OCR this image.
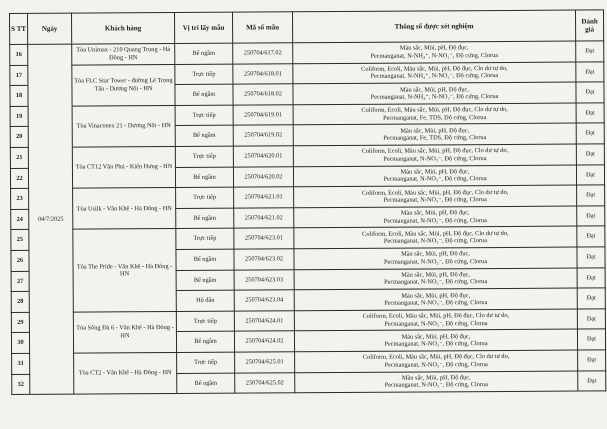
S TT	Ngày	Khách hàng	Vị trí lấy mẫu	Mã số mẫu	Thông số được xét nghiệm	Đánh giá
16	04/7/2025	Tòa Unimax - 210 Quang Trung - Hà Đông - HN	Bể ngầm	250704/617.02	Màu sắc, Mùi, pH, Độ đục,
Pecmanganat, N-NH₄⁺, N-NO₂⁻, Độ cứng, Clorua	Đạt
17		Tòa FLC Star Tower - đường Lê Trọng Tấn - Dương Nội - HN	Trực tiếp	250704/618.01	Coliform, Ecoli, Màu sắc, Mùi, pH, Độ đục, Clo dư tự do,
Pecmanganat, N-NH₄⁺, N-NO₂⁻, Độ cứng, Clorua	Đạt
18			Bể ngầm	250704/618.02	Màu sắc, Mùi, pH, Độ đục,
Pecmanganat, N-NH₄⁺, N-NO₂⁻, Độ cứng, Clorua	Đạt
19		Tòa Vinaconex 21 - Dương Nội - HN	Trực tiếp	250704/619.01	Coliform, Ecoli, Màu sắc, Mùi, pH, Độ đục, Clo dư tự do,
Pecmanganat, Fe, TDS, Độ cứng, Clorua	Đạt
20			Bể ngầm	250704/619.02	Màu sắc, Mùi, pH, Độ đục,
Pecmanganat, Fe, TDS, Độ cứng, Clorua	Đạt
21		Tòa CT12 Văn Phú - Kiến Hưng - HN	Trực tiếp	250704/620.01	Coliform, Ecoli, Màu sắc, Mùi, pH, Độ đục, Clo dư tự do,
Pecmanganat, N-NO₃⁻, Độ cứng, Clorua	Đạt
22			Bể ngầm	250704/620.02	Màu sắc, Mùi, pH, Độ đục,
Pecmanganat, N-NO₃⁻, Độ cứng, Clorua	Đạt
23		Tòa Usilk - Văn Khê - Hà Đông - HN	Trực tiếp	250704/621.01	Coliform, Ecoli, Màu sắc, Mùi, pH, Độ đục, Clo dư tự do,
Pecmanganat, N-NO₃⁻, Độ cứng, Clorua	Đạt
24			Bể ngầm	250704/621.02	Màu sắc, Mùi, pH, Độ đục,
Pecmanganat, N-NO₃⁻, Độ cứng, Clorua	Đạt
25		Tòa The Pride - Văn Khê - Hà Đông - HN	Trực tiếp	250704/623.01	Coliform, Ecoli, Màu sắc, Mùi, pH, Độ đục, Clo dư tự do,
Pecmanganat, N-NO₃⁻, Độ cứng, Clorua	Đạt
26			Bể ngầm	250704/623.02	Màu sắc, Mùi, pH, Độ đục,
Pecmanganat, N-NO₃⁻, Độ cứng, Clorua	Đạt
27			Bể ngầm	250704/623.03	Màu sắc, Mùi, pH, Độ đục,
Pecmanganat, N-NO₃⁻, Độ cứng, Clorua	Đạt
28			Hộ dân	250704/623.04	Màu sắc, Mùi, pH, Độ đục,
Pecmanganat, N-NO₃⁻, Độ cứng, Clorua	Đạt
29		Tòa Sông Đà 6 - Văn Khê - Hà Đông - HN	Trực tiếp	250704/624.01	Coliform, Ecoli, Màu sắc, Mùi, pH, Độ đục, Clo dư tự do,
Pecmanganat, N-NO₃⁻, Độ cứng, Clorua	Đạt
30			Bể ngầm	250704/624.02	Màu sắc, Mùi, pH, Độ đục,
Pecmanganat, N-NO₃⁻, Độ cứng, Clorua	Đạt
31		Tòa CT2 - Văn Khê - Hà Đông - HN	Trực tiếp	250704/625.01	Coliform, Ecoli, Màu sắc, Mùi, pH, Độ đục, Clo dư tự do,
Pecmanganat, N-NO₃⁻, Độ cứng, Clorua	Đạt
32			Bể ngầm	250704/625.02	Màu sắc, Mùi, pH, Độ đục,
Pecmanganat, N-NO₃⁻, Độ cứng, Clorua	Đạt
